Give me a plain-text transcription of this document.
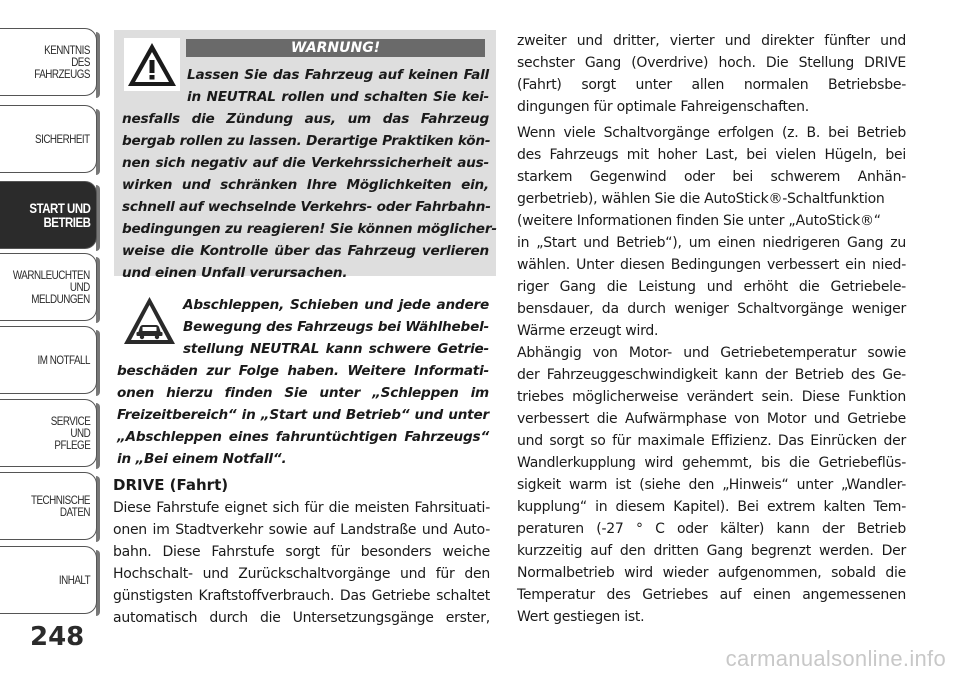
KENNTNIS
DES
FAHRZEUGS
SICHERHEIT
START UND
BETRIEB
WARNLEUCHTEN
UND
MELDUNGEN
IM NOTFALL
SERVICE
UND
PFLEGE
TECHNISCHE
DATEN
INHALT
248
WARNUNG!
Lassen Sie das Fahrzeug auf keinen Fall
in NEUTRAL rollen und schalten Sie kei-
nesfalls die Zündung aus, um das Fahrzeug
bergab rollen zu lassen. Derartige Praktiken kön-
nen sich negativ auf die Verkehrssicherheit aus-
wirken und schränken Ihre Möglichkeiten ein,
schnell auf wechselnde Verkehrs- oder Fahrbahn-
bedingungen zu reagieren! Sie können möglicher-
weise die Kontrolle über das Fahrzeug verlieren
und einen Unfall verursachen.
Abschleppen, Schieben und jede andere
Bewegung des Fahrzeugs bei Wählhebel-
stellung NEUTRAL kann schwere Getrie-
beschäden zur Folge haben. Weitere Informati-
onen hierzu finden Sie unter „Schleppen im
Freizeitbereich“ in „Start und Betrieb“ und unter
„Abschleppen eines fahruntüchtigen Fahrzeugs“
in „Bei einem Notfall“.
DRIVE (Fahrt)
Diese Fahrstufe eignet sich für die meisten Fahrsituati-
onen im Stadtverkehr sowie auf Landstraße und Auto-
bahn. Diese Fahrstufe sorgt für besonders weiche
Hochschalt- und Zurückschaltvorgänge und für den
günstigsten Kraftstoffverbrauch. Das Getriebe schaltet
automatisch durch die Untersetzungsgänge erster,
zweiter und dritter, vierter und direkter fünfter und
sechster Gang (Overdrive) hoch. Die Stellung DRIVE
(Fahrt) sorgt unter allen normalen Betriebsbe-
dingungen für optimale Fahreigenschaften.
Wenn viele Schaltvorgänge erfolgen (z. B. bei Betrieb
des Fahrzeugs mit hoher Last, bei vielen Hügeln, bei
starkem Gegenwind oder bei schwerem Anhän-
gerbetrieb), wählen Sie die AutoStick®-Schaltfunktion
(weitere Informationen finden Sie unter „AutoStick®“
in „Start und Betrieb“), um einen niedrigeren Gang zu
wählen. Unter diesen Bedingungen verbessert ein nied-
riger Gang die Leistung und erhöht die Getriebele-
bensdauer, da durch weniger Schaltvorgänge weniger
Wärme erzeugt wird.
Abhängig von Motor- und Getriebetemperatur sowie
der Fahrzeuggeschwindigkeit kann der Betrieb des Ge-
triebes möglicherweise verändert sein. Diese Funktion
verbessert die Aufwärmphase von Motor und Getriebe
und sorgt so für maximale Effizienz. Das Einrücken der
Wandlerkupplung wird gehemmt, bis die Getriebeflüs-
sigkeit warm ist (siehe den „Hinweis“ unter „Wandler-
kupplung“ in diesem Kapitel). Bei extrem kalten Tem-
peraturen (-27 ° C oder kälter) kann der Betrieb
kurzzeitig auf den dritten Gang begrenzt werden. Der
Normalbetrieb wird wieder aufgenommen, sobald die
Temperatur des Getriebes auf einen angemessenen
Wert gestiegen ist.
carmanualsonline.info
